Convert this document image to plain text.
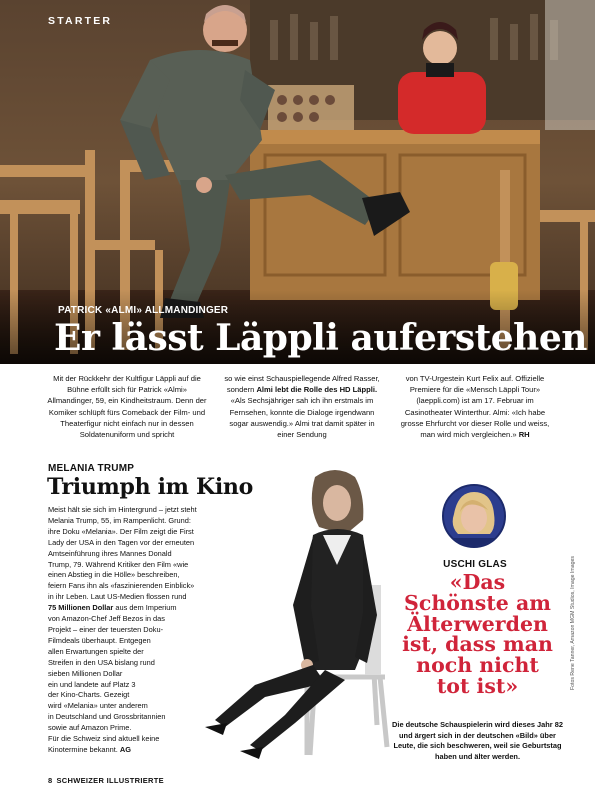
STARTER
PATRICK «ALMI» ALLMANDINGER
Er lässt Läppli auferstehen

Mit der Rückkehr der Kultfigur Läppli auf die Bühne erfüllt sich für Patrick «Almi» Allmandinger, 59, ein Kindheitstraum. Denn der Komiker schlüpft fürs Comeback der Film- und Theaterfigur nicht einfach nur in dessen Soldatenuniform und spricht

so wie einst Schauspiellegende Alfred Rasser, sondern Almi lebt die Rolle des HD Läppli. «Als Sechsjähriger sah ich ihn erstmals im Fernsehen, konnte die Dialoge irgendwann sogar auswendig.» Almi trat damit später in einer Sendung

von TV-Urgestein Kurt Felix auf. Offizielle Premiere für die «Mensch Läppli Tour» (laeppli.com) ist am 17. Februar im Casinotheater Winterthur. Almi: «Ich habe grosse Ehrfurcht vor dieser Rolle und weiss, man wird mich vergleichen.» RH

MELANIA TRUMP
Triumph im Kino
Meist hält sie sich im Hintergrund – jetzt steht
Melania Trump, 55, im Rampenlicht. Grund:
ihre Doku «Melania». Der Film zeigt die First
Lady der USA in den Tagen vor der erneuten
Amtseinführung ihres Mannes Donald
Trump, 79. Während Kritiker den Film «wie
einen Abstieg in die Hölle» beschreiben,
feiern Fans ihn als «faszinierenden Einblick»
in ihr Leben. Laut US-Medien flossen rund
75 Millionen Dollar aus dem Imperium
von Amazon-Chef Jeff Bezos in das
Projekt – einer der teuersten Doku-
Filmdeals überhaupt. Entgegen
allen Erwartungen spielte der
Streifen in den USA bislang rund
sieben Millionen Dollar
ein und landete auf Platz 3
der Kino-Charts. Gezeigt
wird «Melania» unter anderem
in Deutschland und Grossbritannien
sowie auf Amazon Prime.
Für die Schweiz sind aktuell keine
Kinotermine bekannt. AG
USCHI GLAS
«Das
Schönste am
Älterwerden
ist, dass man
noch nicht
tot ist»
Die deutsche Schauspielerin wird dieses Jahr 82 und ärgert sich in der deutschen «Bild» über Leute, die sich beschweren, weil sie Geburtstag haben und älter werden.
Fotos Rene Tanner, Amazon MGM Studios, Image Images
8 SCHWEIZER ILLUSTRIERTE
